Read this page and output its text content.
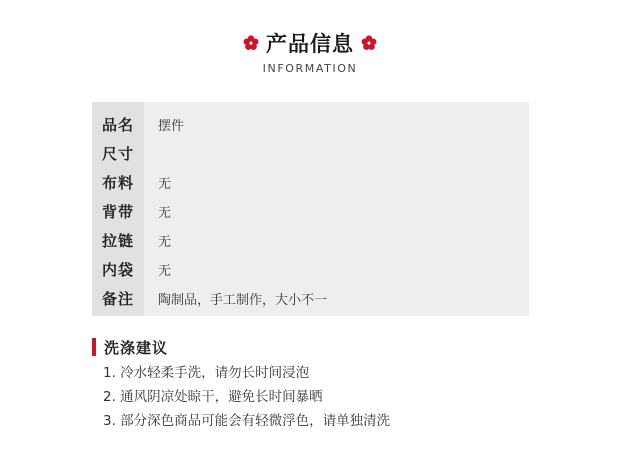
产品信息
INFORMATION
品名	摆件
尺寸
布料	无
背带	无
拉链	无
内袋	无
备注	陶制品，手工制作，大小不一
洗涤建议
1. 冷水轻柔手洗，请勿长时间浸泡
2. 通风阴凉处晾干，避免长时间暴晒
3. 部分深色商品可能会有轻微浮色，请单独清洗
